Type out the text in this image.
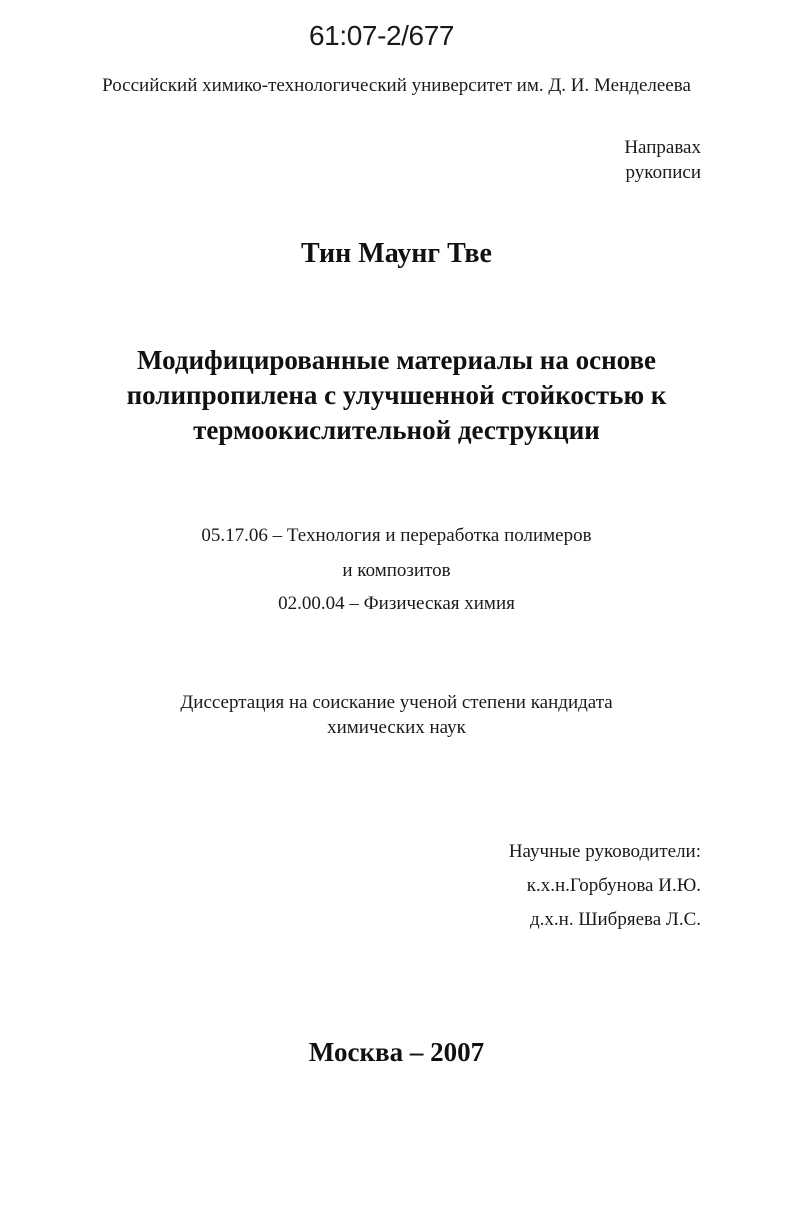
61:07-2/677
Российский химико-технологический университет им. Д. И. Менделеева
Направах
рукописи
Тин Маунг Тве
Модифицированные материалы на основе
полипропилена с улучшенной стойкостью к
термоокислительной деструкции
05.17.06 – Технология и переработка полимеров
и композитов
02.00.04 – Физическая химия
Диссертация на соискание ученой степени кандидата
химических наук
Научные руководители:
к.х.н.Горбунова И.Ю.
д.х.н. Шибряева Л.С.
Москва – 2007
